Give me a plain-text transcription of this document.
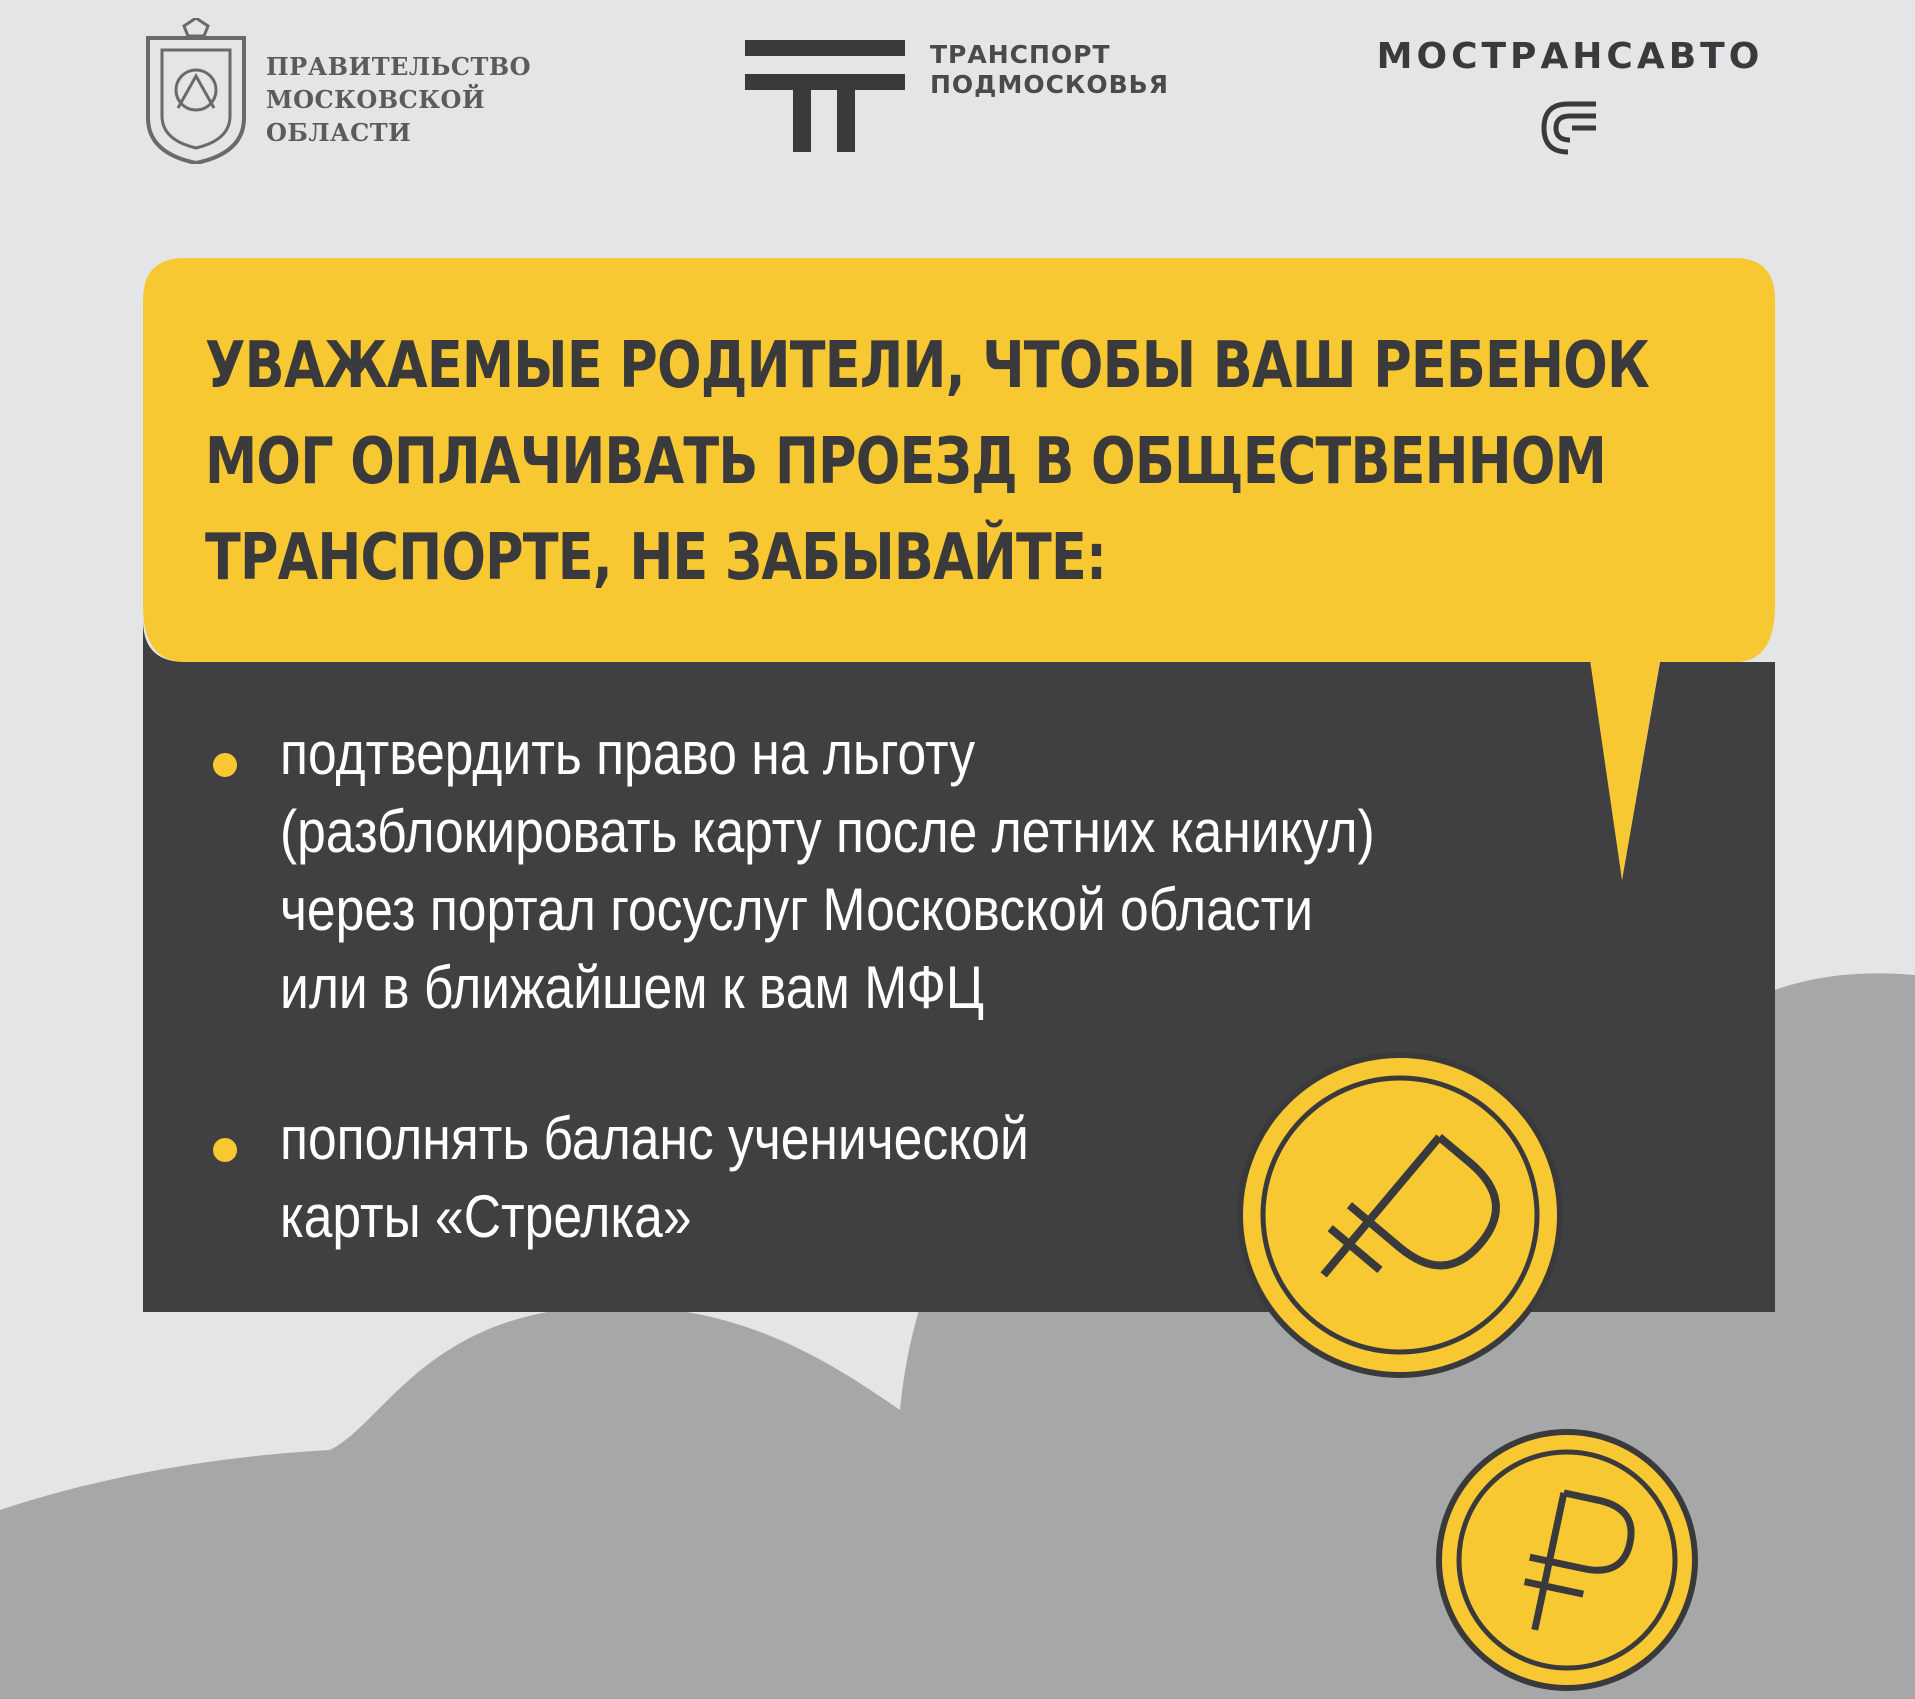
ПРАВИТЕЛЬСТВО
МОСКОВСКОЙ
ОБЛАСТИ
ТРАНСПОРТ
ПОДМОСКОВЬЯ
МОСТРАНСАВТО
УВАЖАЕМЫЕ РОДИТЕЛИ, ЧТОБЫ ВАШ РЕБЕНОК
МОГ ОПЛАЧИВАТЬ ПРОЕЗД В ОБЩЕСТВЕННОМ
ТРАНСПОРТЕ, НЕ ЗАБЫВАЙТЕ:
подтвердить право на льготу
(разблокировать карту после летних каникул)
через портал госуслуг Московской области
или в ближайшем к вам МФЦ
пополнять баланс ученической
карты «Стрелка»
